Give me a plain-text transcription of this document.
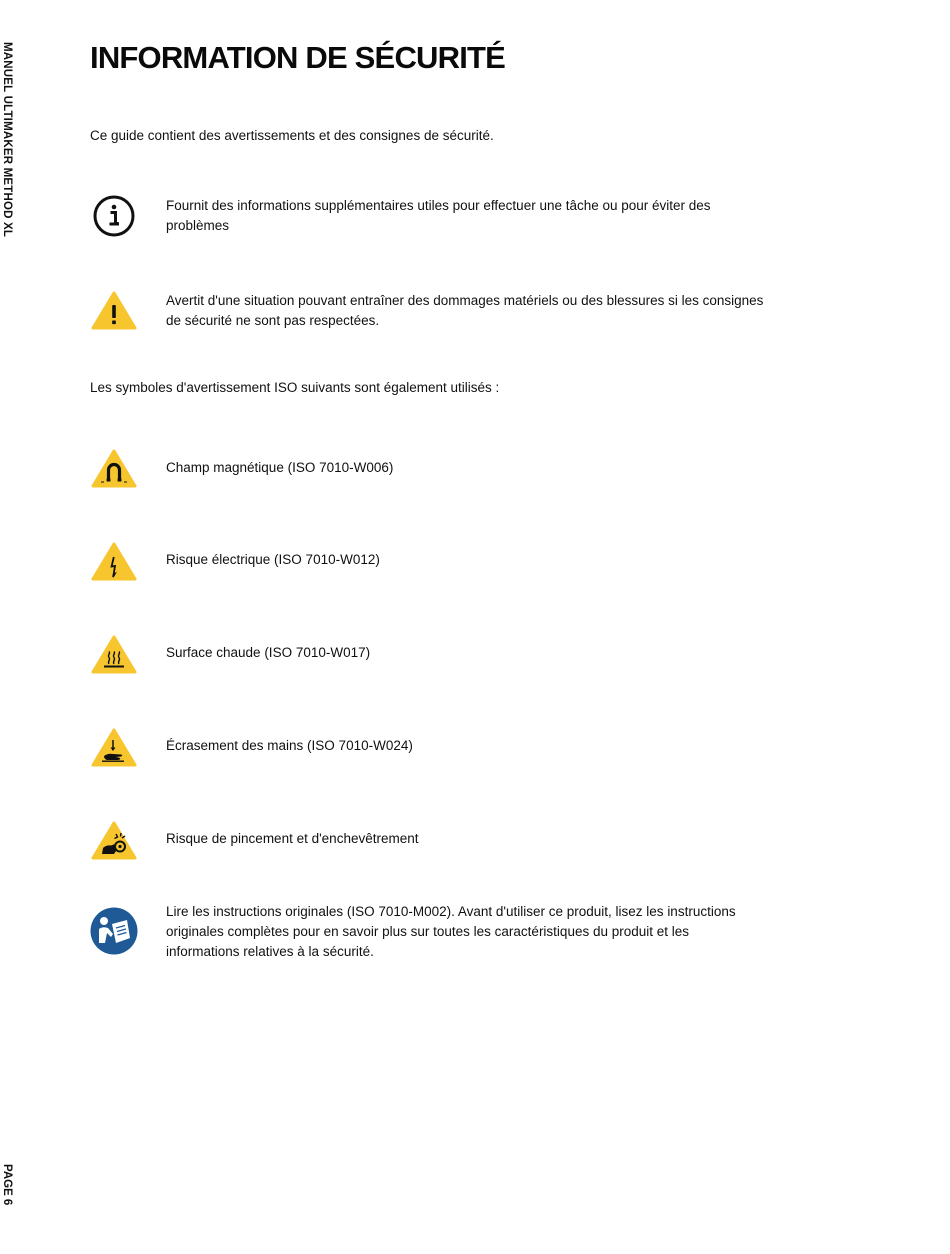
MANUEL ULTIMAKER METHOD XL
PAGE 6
INFORMATION DE SÉCURITÉ

Ce guide contient des avertissements et des consignes de sécurité.

Fournit des informations supplémentaires utiles pour effectuer une tâche ou pour éviter des problèmes

Avertit d'une situation pouvant entraîner des dommages matériels ou des blessures si les consignes de sécurité ne sont pas respectées.

Les symboles d'avertissement ISO suivants sont également utilisés :

Champ magnétique (ISO 7010-W006)

Risque électrique (ISO 7010-W012)

Surface chaude (ISO 7010-W017)

Écrasement des mains (ISO 7010-W024)

Risque de pincement et d'enchevêtrement

Lire les instructions originales (ISO 7010-M002). Avant d'utiliser ce produit, lisez les instructions originales complètes pour en savoir plus sur toutes les caractéristiques du produit et les informations relatives à la sécurité.
